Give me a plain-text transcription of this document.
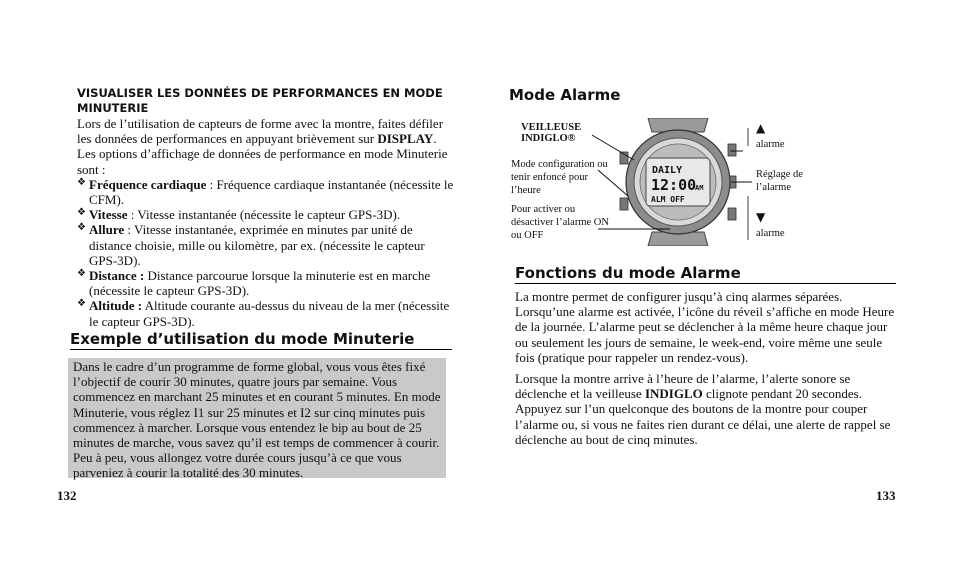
VISUALISER LES DONNÉES DE PERFORMANCES EN MODE MINUTERIE
Lors de l’utilisation de capteurs de forme avec la montre, faites défiler les données de performances en appuyant brièvement sur DISPLAY. Les options d’affichage de données de performance en mode Minuterie sont :
❖ Fréquence cardiaque : Fréquence cardiaque instantanée (nécessite le CFM).
❖ Vitesse : Vitesse instantanée (nécessite le capteur GPS-3D).
❖ Allure : Vitesse instantanée, exprimée en minutes par unité de distance choisie, mille ou kilomètre, par ex. (nécessite le capteur GPS-3D).
❖ Distance : Distance parcourue lorsque la minuterie est en marche (nécessite le capteur GPS-3D).
❖ Altitude : Altitude courante au-dessus du niveau de la mer (nécessite le capteur GPS-3D).
Exemple d’utilisation du mode Minuterie
Dans le cadre d’un programme de forme global, vous vous êtes fixé l’objectif de courir 30 minutes, quatre jours par semaine. Vous commencez en marchant 25 minutes et en courant 5 minutes. En mode Minuterie, vous réglez I1 sur 25 minutes et I2 sur cinq minutes puis commencez à marcher. Lorsque vous entendez le bip au bout de 25 minutes de marche, vous savez qu’il est temps de commencer à courir. Peu à peu, vous allongez votre durée cours jusqu’à ce que vous parveniez à courir la totalité des 30 minutes.
132
Mode Alarme
VEILLEUSE
INDIGLO®
Mode configuration ou tenir enfoncé pour l’heure
Pour activer ou désactiver l’alarme ON ou OFF
▲
alarme
Réglage de l’alarme
▼
alarme
DAILY
12:00
AM
ALM OFF
Fonctions du mode Alarme

La montre permet de configurer jusqu’à cinq alarmes séparées. Lorsqu’une alarme est activée, l’icône du réveil s’affiche en mode Heure de la journée. L’alarme peut se déclencher à la même heure chaque jour ou seulement les jours de semaine, le week-end, voire même une seule fois (pratique pour rappeler un rendez-vous).

Lorsque la montre arrive à l’heure de l’alarme, l’alerte sonore se déclenche et la veilleuse INDIGLO clignote pendant 20 secondes. Appuyez sur l’un quelconque des boutons de la montre pour couper l’alarme ou, si vous ne faites rien durant ce délai, une alerte de rappel se déclenche au bout de cinq minutes.

133
